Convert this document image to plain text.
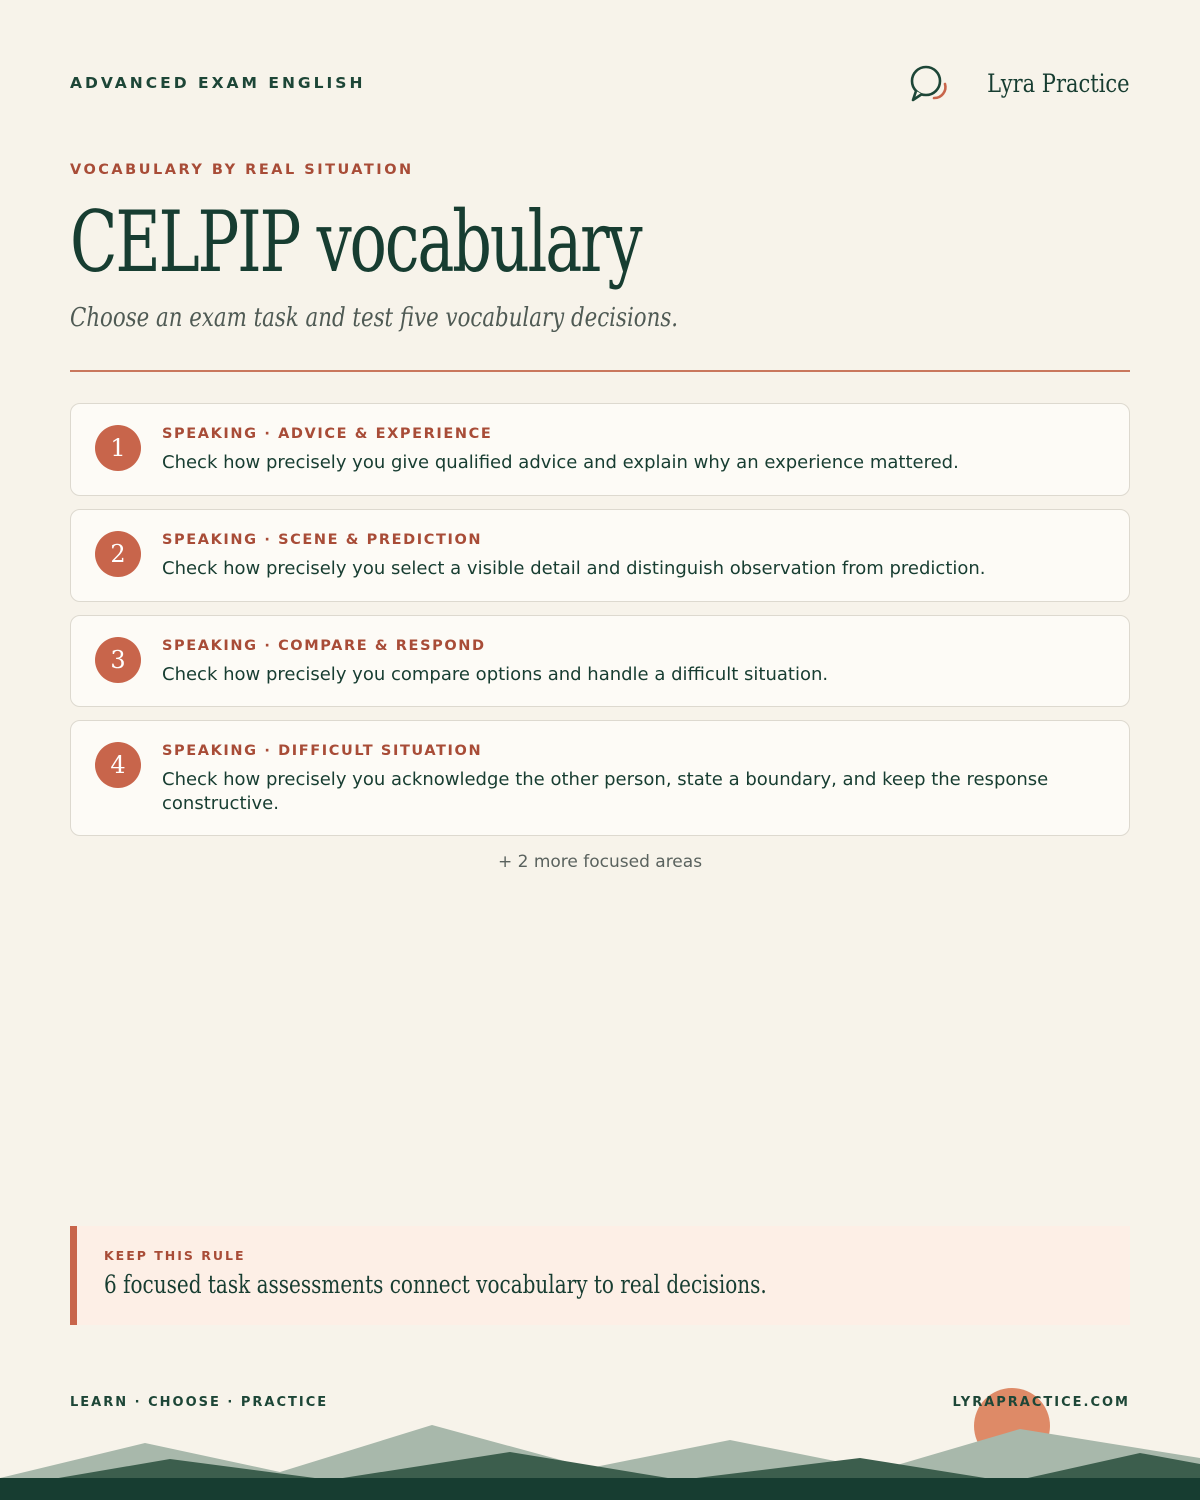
ADVANCED EXAM ENGLISH	Lyra Practice
VOCABULARY BY REAL SITUATION
CELPIP vocabulary
Choose an exam task and test five vocabulary decisions.
1	SPEAKING · ADVICE & EXPERIENCE
Check how precisely you give qualified advice and explain why an experience mattered.
2	SPEAKING · SCENE & PREDICTION
Check how precisely you select a visible detail and distinguish observation from prediction.
3	SPEAKING · COMPARE & RESPOND
Check how precisely you compare options and handle a difficult situation.
4	SPEAKING · DIFFICULT SITUATION
Check how precisely you acknowledge the other person, state a boundary, and keep the response constructive.
+ 2 more focused areas
KEEP THIS RULE
6 focused task assessments connect vocabulary to real decisions.
LEARN · CHOOSE · PRACTICE	LYRAPRACTICE.COM
